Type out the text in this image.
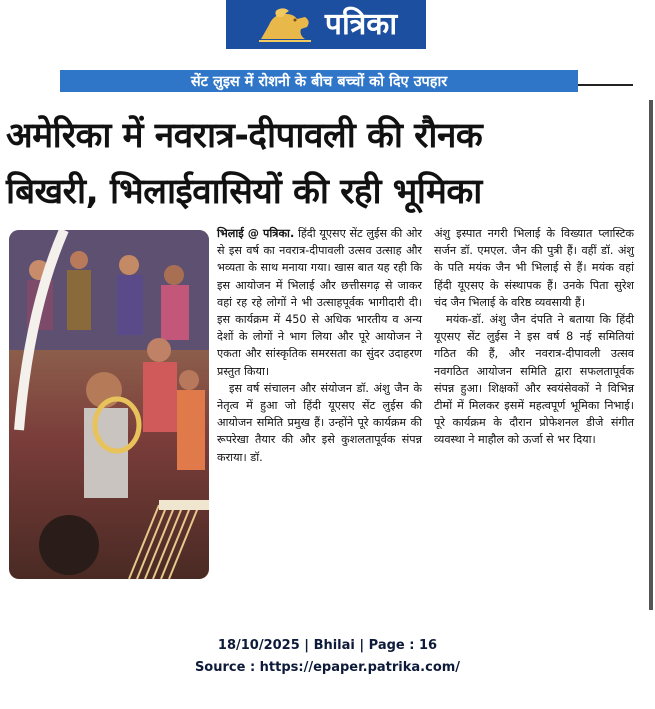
पत्रिका
सेंट लुइस में रोशनी के बीच बच्चों को दिए उपहार
अमेरिका में नवरात्र-दीपावली की रौनक
बिखरी, भिलाईवासियों की रही भूमिका

भिलाई @ पत्रिका. हिंदी यूएसए सेंट लुईस की ओर से इस वर्ष का नवरात्र-दीपावली उत्सव उत्साह और भव्यता के साथ मनाया गया। खास बात यह रही कि इस आयोजन में भिलाई और छत्तीसगढ़ से जाकर वहां रह रहे लोगों ने भी उत्साहपूर्वक भागीदारी दी। इस कार्यक्रम में 450 से अधिक भारतीय व अन्य देशों के लोगों ने भाग लिया और पूरे आयोजन ने एकता और सांस्कृतिक समरसता का सुंदर उदाहरण प्रस्तुत किया।

इस वर्ष संचालन और संयोजन डॉ. अंशु जैन के नेतृत्व में हुआ जो हिंदी यूएसए सेंट लुईस की आयोजन समिति प्रमुख हैं। उन्होंने पूरे कार्यक्रम की रूपरेखा तैयार की और इसे कुशलतापूर्वक संपन्न कराया। डॉ.

अंशु इस्पात नगरी भिलाई के विख्यात प्लास्टिक सर्जन डॉ. एमएल. जैन की पुत्री हैं। वहीं डॉ. अंशु के पति मयंक जैन भी भिलाई से हैं। मयंक वहां हिंदी यूएसए के संस्थापक हैं। उनके पिता सुरेश चंद जैन भिलाई के वरिष्ठ व्यवसायी हैं।

मयंक-डॉ. अंशु जैन दंपति ने बताया कि हिंदी यूएसए सेंट लुईस ने इस वर्ष 8 नई समितियां गठित की हैं, और नवरात्र-दीपावली उत्सव नवगठित आयोजन समिति द्वारा सफलतापूर्वक संपन्न हुआ। शिक्षकों और स्वयंसेवकों ने विभिन्न टीमों में मिलकर इसमें महत्वपूर्ण भूमिका निभाई। पूरे कार्यक्रम के दौरान प्रोफेशनल डीजे संगीत व्यवस्था ने माहौल को ऊर्जा से भर दिया।

18/10/2025 | Bhilai | Page : 16
Source : https://epaper.patrika.com/
